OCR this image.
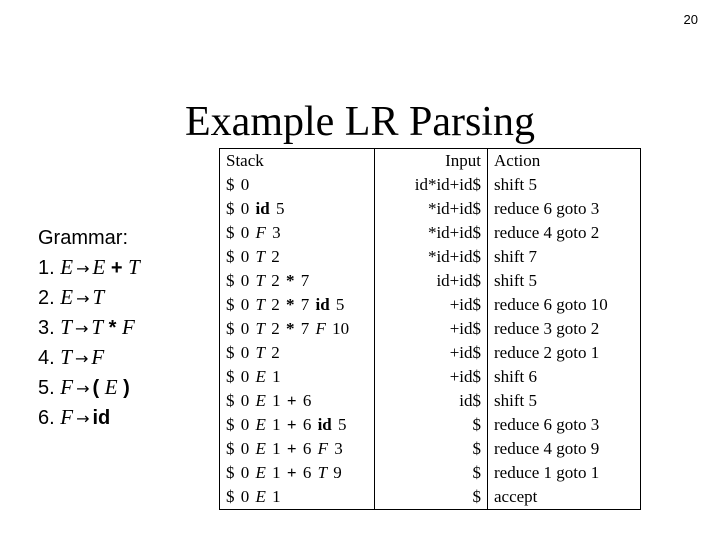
20
Example LR Parsing
Grammar:
1. E → E + T
2. E → T
3. T → T * F
4. T → F
5. F → ( E )
6. F → id
Stack	Input	Action
$ 0	id*id+id$	shift 5
$ 0 id 5	*id+id$	reduce 6 goto 3
$ 0 F 3	*id+id$	reduce 4 goto 2
$ 0 T 2	*id+id$	shift 7
$ 0 T 2 * 7	id+id$	shift 5
$ 0 T 2 * 7 id 5	+id$	reduce 6 goto 10
$ 0 T 2 * 7 F 10	+id$	reduce 3 goto 2
$ 0 T 2	+id$	reduce 2 goto 1
$ 0 E 1	+id$	shift 6
$ 0 E 1 + 6	id$	shift 5
$ 0 E 1 + 6 id 5	$	reduce 6 goto 3
$ 0 E 1 + 6 F 3	$	reduce 4 goto 9
$ 0 E 1 + 6 T 9	$	reduce 1 goto 1
$ 0 E 1	$	accept
